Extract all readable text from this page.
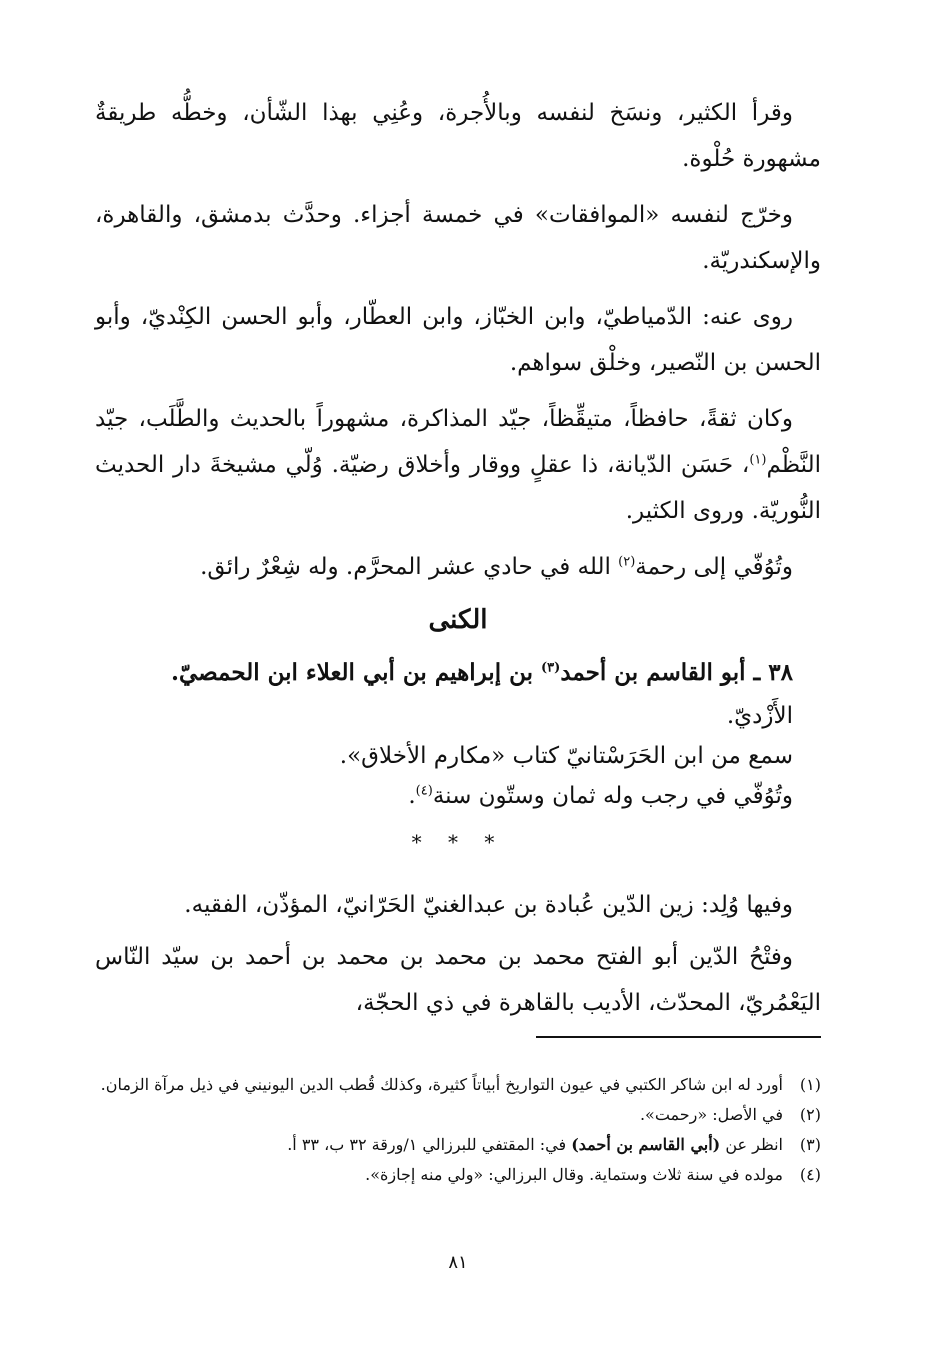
وقرأ الكثير، ونسَخ لنفسه وبالأُجرة، وعُنِي بهذا الشّأن، وخطُّه طريقةٌ مشهورة حُلْوة.

وخرّج لنفسه «الموافقات» في خمسة أجزاء. وحدَّث بدمشق، والقاهرة، والإسكندريّة.

روى عنه: الدّمياطيّ، وابن الخبّاز، وابن العطّار، وأبو الحسن الكِنْديّ، وأبو الحسن بن النّصير، وخلْق سواهم.

وكان ثقةً، حافظاً، متيقِّظاً، جيّد المذاكرة، مشهوراً بالحديث والطَّلَب، جيّد النَّظْم$^{(١)}$، حَسَن الدّيانة، ذا عقلٍ ووقار وأخلاق رضيّة. وُلّي مشيخةَ دار الحديث النُّوريّة. وروى الكثير.

وتُوُفّي إلى رحمة$^{(٢)}$ الله في حادي عشر المحرَّم. وله شِعْرٌ رائق.

الكنى

٣٨ ـ أبو القاسم بن أحمد$^{(٣)}$ بن إبراهيم بن أبي العلاء ابن الحمصيّ.

الأَزْديّ.

سمع من ابن الحَرَسْتانيّ كتاب «مكارم الأخلاق».

وتُوُفّي في رجب وله ثمان وستّون سنة$^{(٤)}$.

* * *

وفيها وُلِد: زين الدّين عُبادة بن عبدالغنيّ الحَرّانيّ، المؤذّن، الفقيه.

وفتْحُ الدّين أبو الفتح محمد بن محمد بن محمد بن أحمد بن سيّد النّاس اليَعْمُريّ، المحدّث، الأديب بالقاهرة في ذي الحجّة،

(١)
أورد له ابن شاكر الكتبي في عيون التواريخ أبياتاً كثيرة، وكذلك قُطب الدين اليونيني في ذيل مرآة الزمان.
(٢)
في الأصل: «رحمت».
(٣)
انظر عن (أبي القاسم بن أحمد) في: المقتفي للبرزالي ١/ورقة ٣٢ ب، ٣٣ أ.
(٤)
مولده في سنة ثلاث وستماية. وقال البرزالي: «ولي منه إجازة».
٨١
